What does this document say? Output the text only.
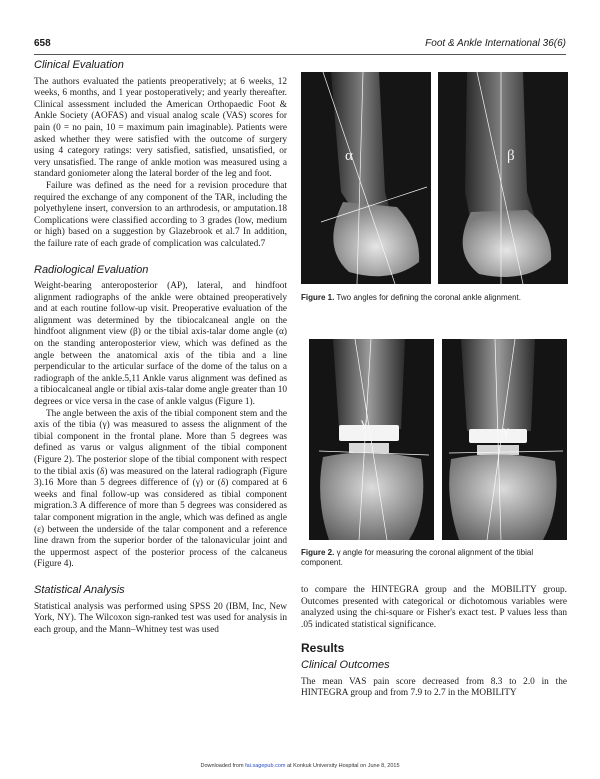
658	Foot & Ankle International 36(6)
Clinical Evaluation

The authors evaluated the patients preoperatively; at 6 weeks, 12 weeks, 6 months, and 1 year postoperatively; and yearly thereafter. Clinical assessment included the American Orthopaedic Foot & Ankle Society (AOFAS) and visual analog scale (VAS) scores for pain (0 = no pain, 10 = maximum pain imaginable). Patients were asked whether they were satisfied with the outcome of surgery using 4 category ratings: very satisfied, satisfied, unsatisfied, or very unsatisfied. The range of ankle motion was measured using a standard goniometer along the lateral border of the leg and foot.

Failure was defined as the need for a revision procedure that required the exchange of any component of the TAR, including the polyethylene insert, conversion to an arthrodesis, or amputation.18 Complications were classified according to 3 grades (low, medium or high) based on a suggestion by Glazebrook et al.7 In addition, the failure rate of each grade of complication was calculated.7

Radiological Evaluation

Weight-bearing anteroposterior (AP), lateral, and hindfoot alignment radiographs of the ankle were obtained preoperatively and at each routine follow-up visit. Preoperative evaluation of the alignment was determined by the tibiocalcaneal angle on the hindfoot alignment view (β) or the tibial axis-talar dome angle (α) on the standing anteroposterior view, which was defined as the angle between the anatomical axis of the tibia and a line perpendicular to the articular surface of the dome of the talus on a radiograph of the ankle.5,11 Ankle varus alignment was defined as a tibiocalcaneal angle or tibial axis-talar dome angle greater than 10 degrees or vice versa in the case of ankle valgus (Figure 1).

The angle between the axis of the tibial component stem and the axis of the tibia (γ) was measured to assess the alignment of the tibial component in the frontal plane. More than 5 degrees was defined as varus or valgus alignment of the tibial component (Figure 2). The posterior slope of the tibial component with respect to the tibial axis (δ) was measured on the lateral radiograph (Figure 3).16 More than 5 degrees difference of (γ) or (δ) compared at 6 weeks and final follow-up was considered as tibial component migration.3 A difference of more than 5 degrees was considered as talar component migration in the angle, which was defined as angle (ε) between the underside of the talar component and a reference line drawn from the superior border of the talonavicular joint and the uppermost aspect of the posterior process of the calcaneus (Figure 4).

Statistical Analysis

Statistical analysis was performed using SPSS 20 (IBM, Inc, New York, NY). The Wilcoxon sign-ranked test was used for analysis in each group, and the Mann–Whitney test was used

α	β
Figure 1. Two angles for defining the coronal ankle alignment.
γ
γ
Figure 2. γ angle for measuring the coronal alignment of the tibial component.

to compare the HINTEGRA group and the MOBILITY group. Outcomes presented with categorical or dichotomous variables were analyzed using the chi-square or Fisher's exact test. P values less than .05 indicated statistical significance.

Results
Clinical Outcomes

The mean VAS pain score decreased from 8.3 to 2.0 in the HINTEGRA group and from 7.9 to 2.7 in the MOBILITY

Downloaded from fai.sagepub.com at Konkuk University Hospital on June 8, 2015
